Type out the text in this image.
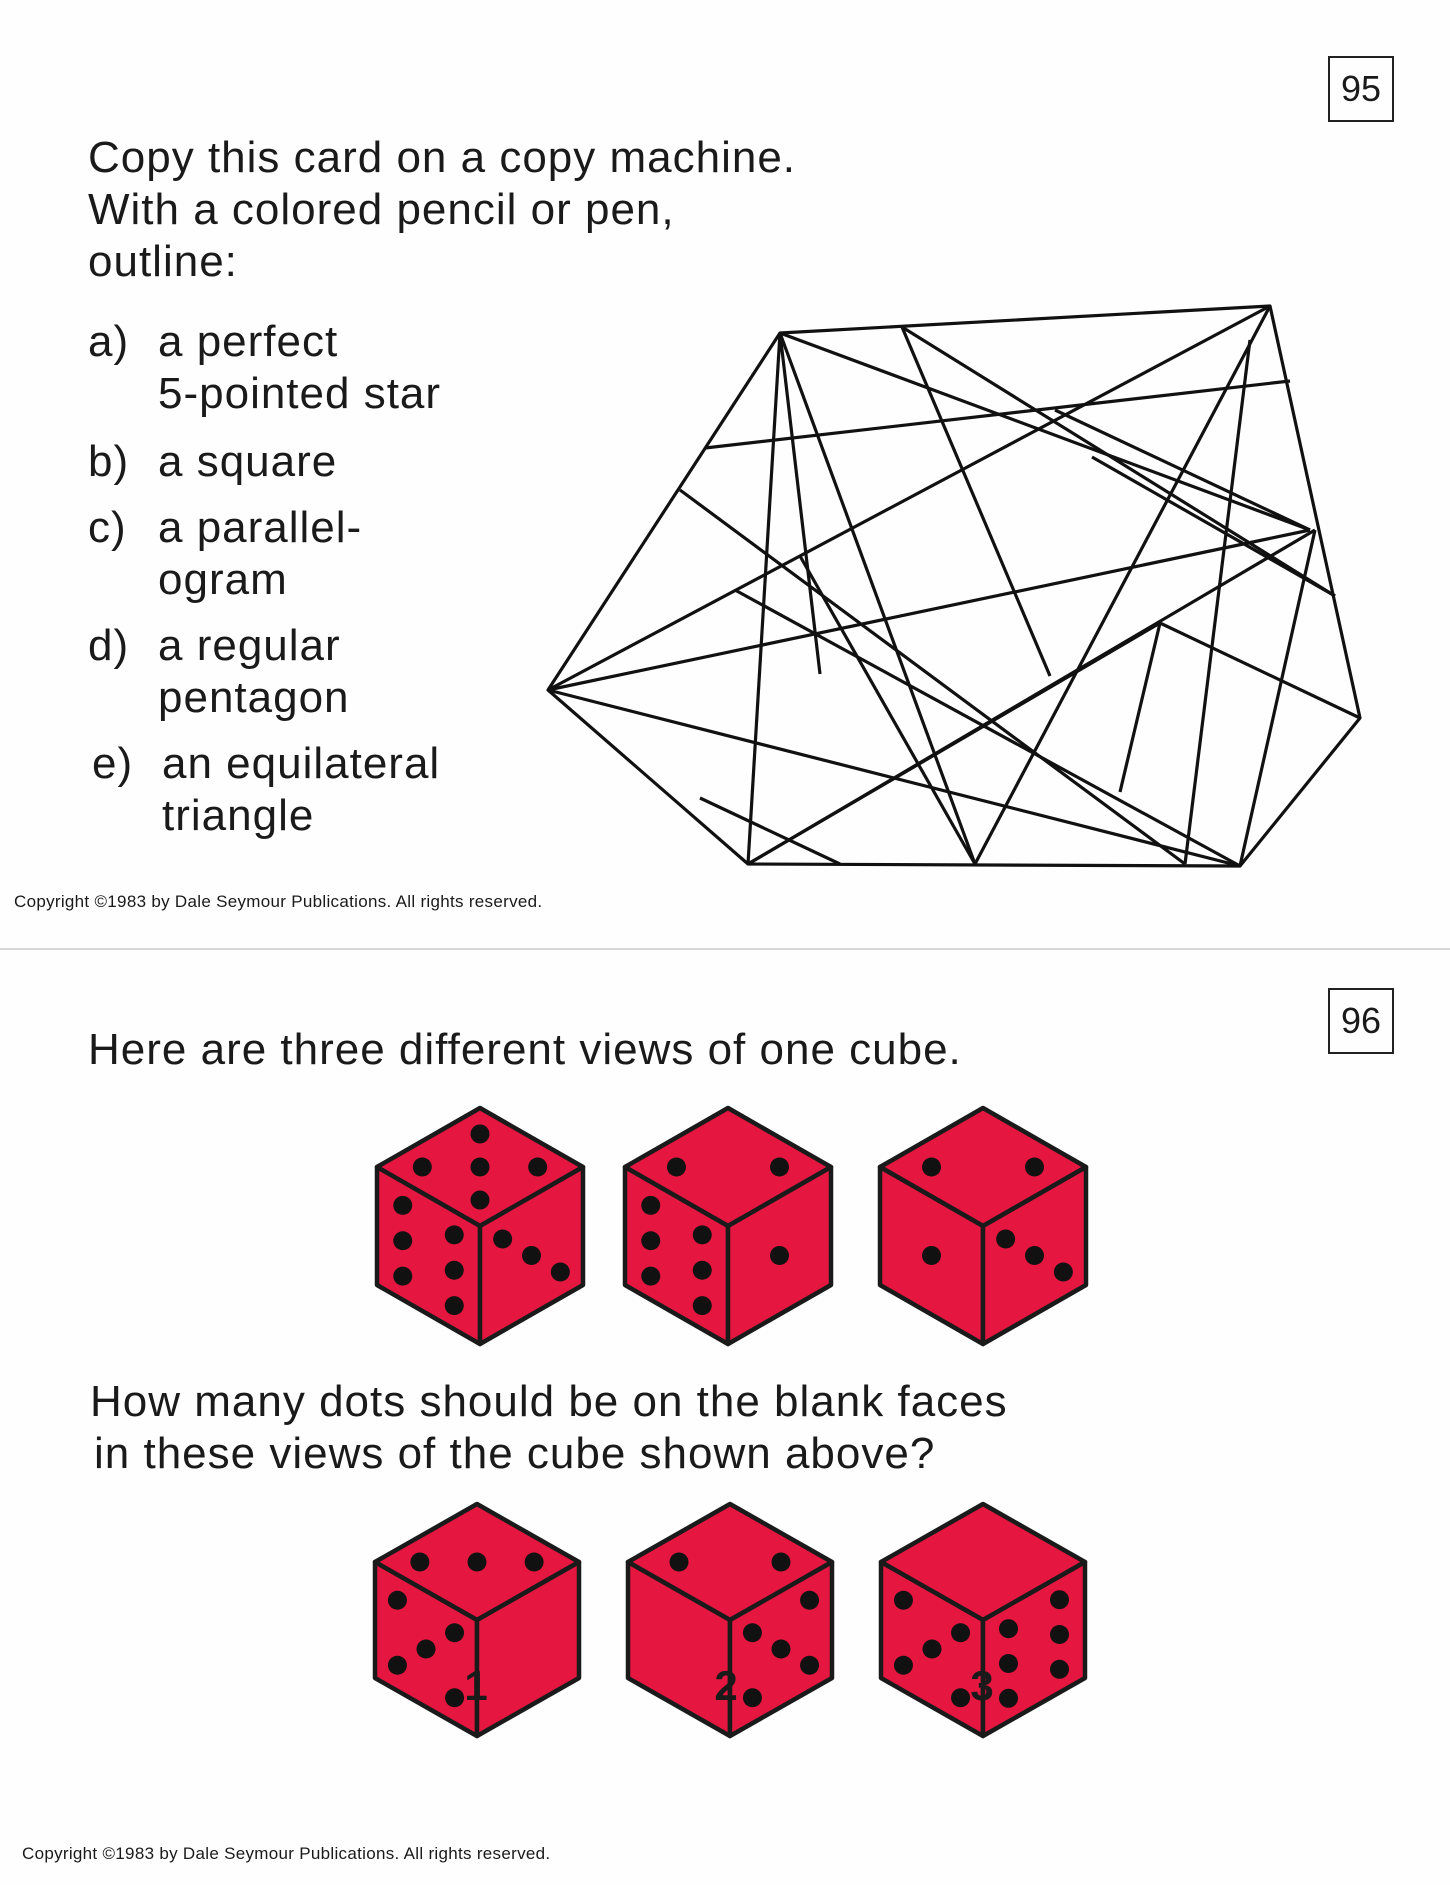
95
Copy this card on a copy machine.
With a colored pencil or pen,
outline:
a) a perfect
5-pointed star
b) a square
c) a parallel-
ogram
d) a regular
pentagon
e) an equilateral
triangle
Copyright ©1983 by Dale Seymour Publications. All rights reserved.
96
Here are three different views of one cube.
How many dots should be on the blank faces
in these views of the cube shown above?
1	2	3
Copyright ©1983 by Dale Seymour Publications. All rights reserved.
